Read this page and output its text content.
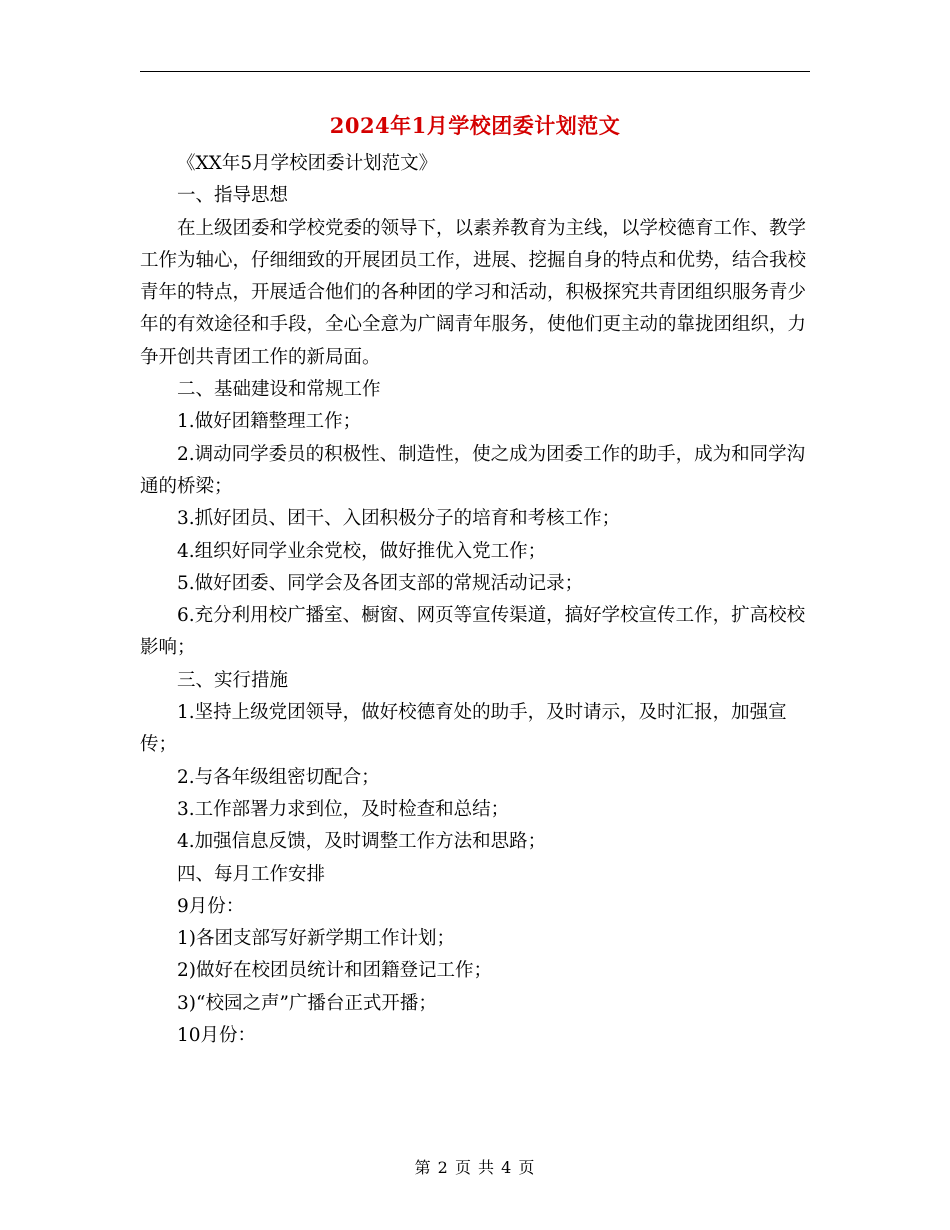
2024年1月学校团委计划范文

《XX年5月学校团委计划范文》

一、指导思想

在上级团委和学校党委的领导下，以素养教育为主线，以学校德育工作、教学工作为轴心，仔细细致的开展团员工作，进展、挖掘自身的特点和优势，结合我校青年的特点，开展适合他们的各种团的学习和活动，积极探究共青团组织服务青少年的有效途径和手段，全心全意为广阔青年服务，使他们更主动的靠拢团组织，力争开创共青团工作的新局面。

二、基础建设和常规工作

1.做好团籍整理工作；

2.调动同学委员的积极性、制造性，使之成为团委工作的助手，成为和同学沟通的桥梁；

3.抓好团员、团干、入团积极分子的培育和考核工作；

4.组织好同学业余党校，做好推优入党工作；

5.做好团委、同学会及各团支部的常规活动记录；

6.充分利用校广播室、橱窗、网页等宣传渠道，搞好学校宣传工作，扩高校校影响；

三、实行措施

1.坚持上级党团领导，做好校德育处的助手，及时请示，及时汇报，加强宣传；

2.与各年级组密切配合；

3.工作部署力求到位，及时检查和总结；

4.加强信息反馈，及时调整工作方法和思路；

四、每月工作安排

9月份：

1)各团支部写好新学期工作计划；

2)做好在校团员统计和团籍登记工作；

3)“校园之声”广播台正式开播；

10月份：

第 2 页 共 4 页
